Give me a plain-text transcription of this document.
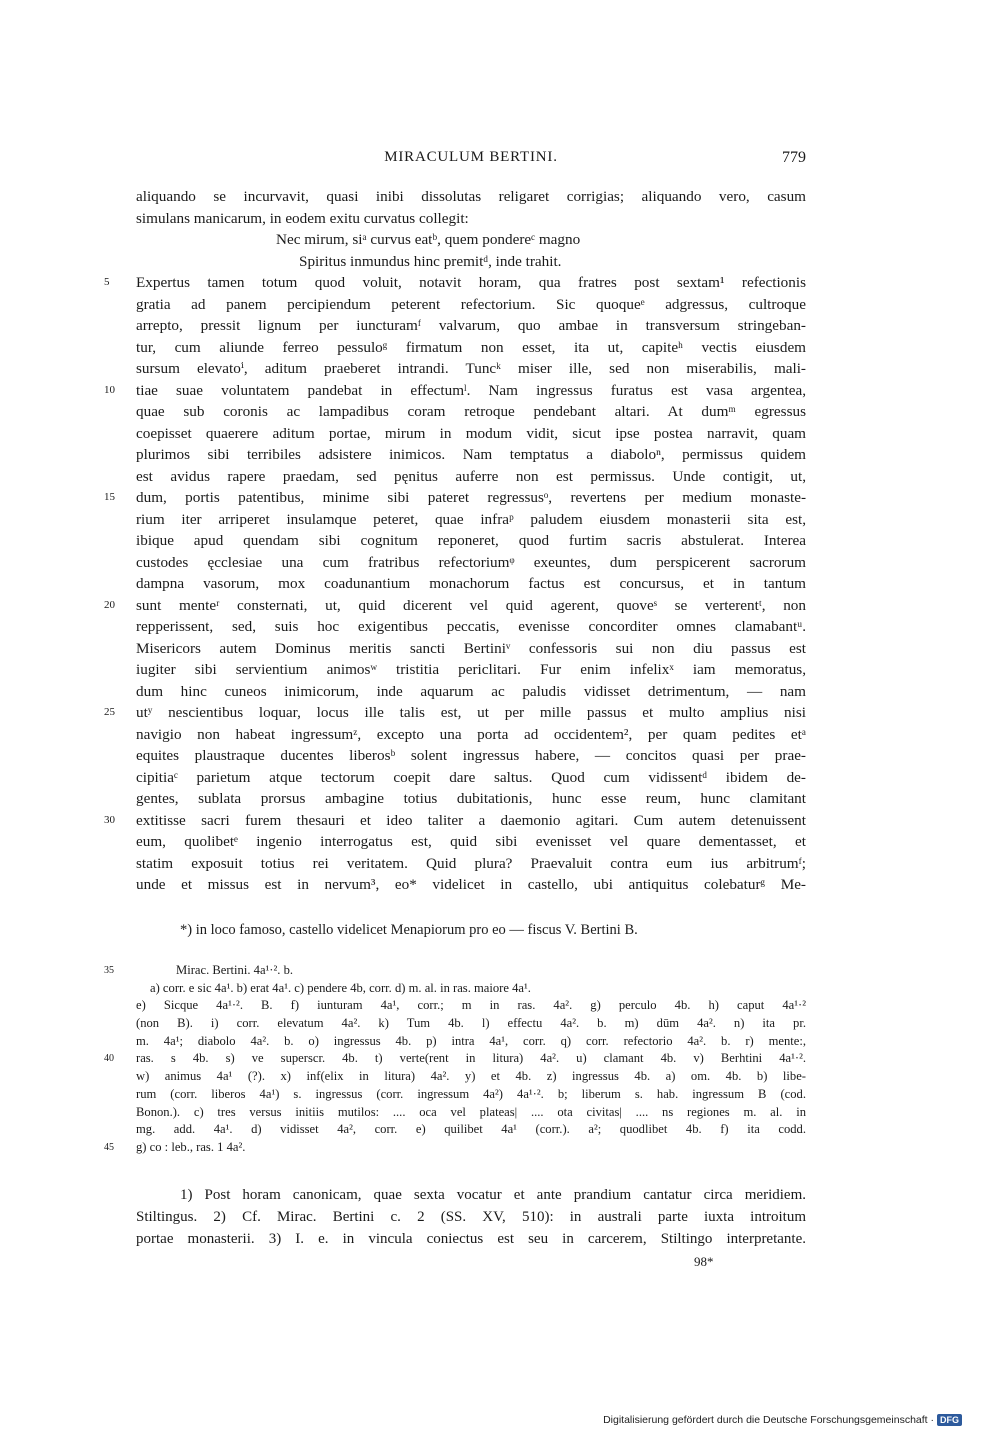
MIRACULUM BERTINI.	779
aliquando se incurvavit, quasi inibi dissolutas religaret corrigias; aliquando vero, casum
simulans manicarum, in eodem exitu curvatus collegit:
Nec mirum, siᵃ curvus eatᵇ, quem pondereᶜ magno
Spiritus inmundus hinc premitᵈ, inde trahit.
5	Expertus tamen totum quod voluit, notavit horam, qua fratres post sextam¹ refectionis
gratia ad panem percipiendum peterent refectorium. Sic quoqueᵉ adgressus, cultroque
arrepto, pressit lignum per iuncturamᶠ valvarum, quo ambae in transversum stringeban-
tur, cum aliunde ferreo pessuloᵍ firmatum non esset, ita ut, capiteʰ vectis eiusdem
sursum elevatoⁱ, aditum praeberet intrandi. Tuncᵏ miser ille, sed non miserabilis, mali-
10	tiae suae voluntatem pandebat in effectumˡ. Nam ingressus furatus est vasa argentea,
quae sub coronis ac lampadibus coram retroque pendebant altari. At dumᵐ egressus
coepisset quaerere aditum portae, mirum in modum vidit, sicut ipse postea narravit, quam
plurimos sibi terribiles adsistere inimicos. Nam temptatus a diaboloⁿ, permissus quidem
est avidus rapere praedam, sed pęnitus auferre non est permissus. Unde contigit, ut,
15	dum, portis patentibus, minime sibi pateret regressusᵒ, revertens per medium monaste-
rium iter arriperet insulamque peteret, quae infraᵖ paludem eiusdem monasterii sita est,
ibique apud quendam sibi cognitum reponeret, quod furtim sacris abstulerat. Interea
custodes ęcclesiae una cum fratribus refectoriumᵠ exeuntes, dum perspicerent sacrorum
dampna vasorum, mox coadunantium monachorum factus est concursus, et in tantum
20	sunt menteʳ consternati, ut, quid dicerent vel quid agerent, quoveˢ se verterentᵗ, non
repperissent, sed, suis hoc exigentibus peccatis, evenisse concorditer omnes clamabantᵘ.
Misericors autem Dominus meritis sancti Bertiniᵛ confessoris sui non diu passus est
iugiter sibi servientium animosʷ tristitia periclitari. Fur enim infelixˣ iam memoratus,
dum hinc cuneos inimicorum, inde aquarum ac paludis vidisset detrimentum, — nam
25	utʸ nescientibus loquar, locus ille talis est, ut per mille passus et multo amplius nisi
navigio non habeat ingressumᶻ, excepto una porta ad occidentem², per quam pedites etᵃ
equites plaustraque ducentes liberosᵇ solent ingressus habere, — concitos quasi per prae-
cipitiaᶜ parietum atque tectorum coepit dare saltus. Quod cum vidissentᵈ ibidem de-
gentes, sublata prorsus ambagine totius dubitationis, hunc esse reum, hunc clamitant
30	extitisse sacri furem thesauri et ideo taliter a daemonio agitari. Cum autem detenuissent
eum, quolibetᵉ ingenio interrogatus est, quid sibi evenisset vel quare dementasset, et
statim exposuit totius rei veritatem. Quid plura? Praevaluit contra eum ius arbitrumᶠ;
unde et missus est in nervum³, eo* videlicet in castello, ubi antiquitus colebaturᵍ Me-
*) in loco famoso, castello videlicet Menapiorum pro eo — fiscus V. Bertini B.
35	Mirac. Bertini. 4a¹·². b.
a) corr. e sic 4a¹. b) erat 4a¹. c) pendere 4b, corr. d) m. al. in ras. maiore 4a¹.
e) Sicque 4a¹·². B. f) iunturam 4a¹, corr.; m in ras. 4a². g) perculo 4b. h) caput 4a¹·²
(non B). i) corr. elevatum 4a². k) Tum 4b. l) effectu 4a². b. m) dūm 4a². n) ita pr.
m. 4a¹; diabolo 4a². b. o) ingressus 4b. p) intra 4a¹, corr. q) corr. refectorio 4a². b. r) mente:,
40	ras. s 4b. s) ve superscr. 4b. t) verte(rent in litura) 4a². u) clamant 4b. v) Berhtini 4a¹·².
w) animus 4a¹ (?). x) inf(elix in litura) 4a². y) et 4b. z) ingressus 4b. a) om. 4b. b) libe-
rum (corr. liberos 4a¹) s. ingressus (corr. ingressum 4a²) 4a¹·². b; liberum s. hab. ingressum B (cod.
Bonon.). c) tres versus initiis mutilos: .... oca vel plateas| .... ota civitas| .... ns regiones m. al. in
mg. add. 4a¹. d) vidisset 4a², corr. e) quilibet 4a¹ (corr.). a²; quodlibet 4b. f) ita codd.
45	g) co : leb., ras. 1 4a².
1) Post horam canonicam, quae sexta vocatur et ante prandium cantatur circa meridiem.
Stiltingus. 2) Cf. Mirac. Bertini c. 2 (SS. XV, 510): in australi parte iuxta introitum
portae monasterii. 3) I. e. in vincula coniectus est seu in carcerem, Stiltingo interpretante.
98*
Digitalisierung gefördert durch die Deutsche Forschungsgemeinschaft · DFG
